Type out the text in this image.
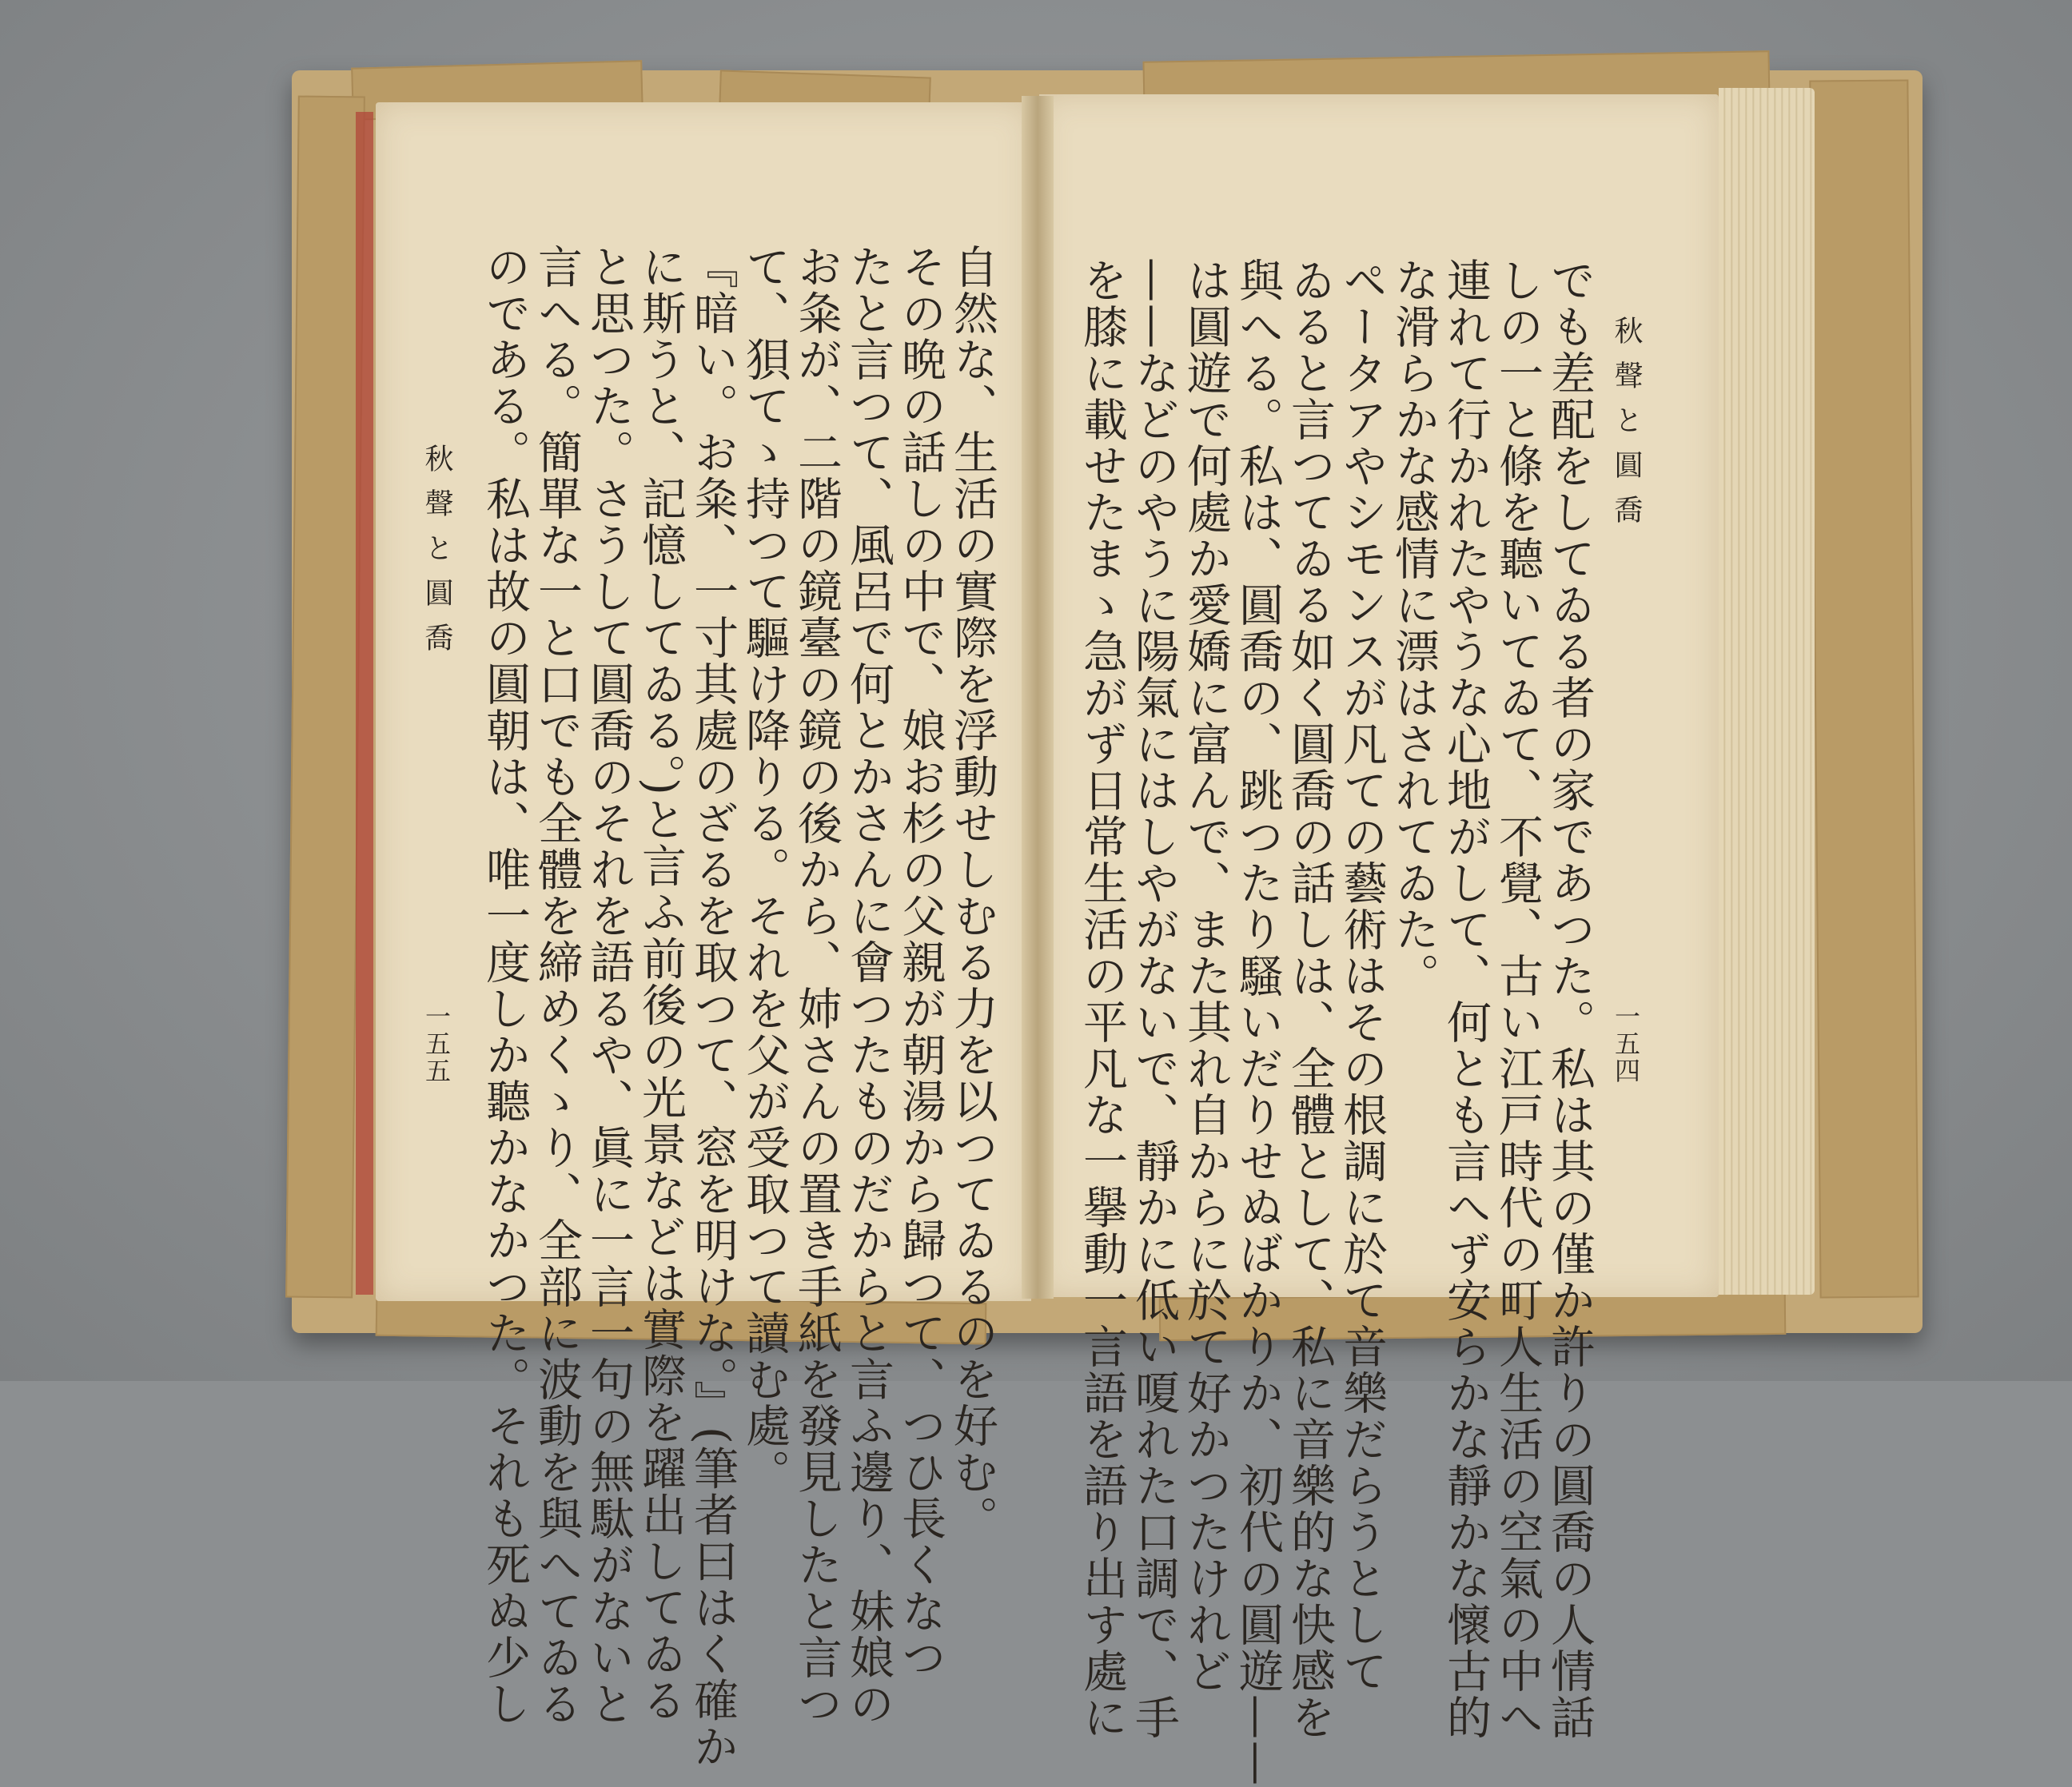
秋聲と圓喬
一五四
でも差配をしてゐる者の家であつた。私は其の僅か許りの圓喬の人情話
しの一と條を聽いてゐて、不覺、古い江戸時代の町人生活の空氣の中へ
連れて行かれたやうな心地がして、何とも言へず安らかな靜かな懷古的
な滑らかな感情に漂はされてゐた。
ペータアやシモンスが凡ての藝術はその根調に於て音樂だらうとして
ゐると言つてゐる如く圓喬の話しは、全體として、私に音樂的な快感を
與へる。私は、圓喬の、跳つたり騷いだりせぬばかりか、初代の圓遊——
は圓遊で何處か愛嬌に富んで、また其れ自からに於て好かつたけれど
——などのやうに陽氣にはしやがないで、靜かに低い嗄れた口調で、手
を膝に載せたまゝ急がず日常生活の平凡な一擧動一言語を語り出す處に
秋聲と圓喬
一五五	自然な、生活の實際を浮動せしむる力を以つてゐるのを好む。
その晩の話しの中で、娘お杉の父親が朝湯から歸つて、つひ長くなつ
たと言つて、風呂で何とかさんに會つたものだからと言ふ邊り、妹娘の
お粂が、二階の鏡臺の鏡の後から、姉さんの置き手紙を發見したと言つ
て、狽てゝ持つて驅け降りる。それを父が受取つて讀む處。
『暗い。お粂、一寸其處のざるを取つて、窓を明けな。』(筆者曰はく確か
に斯うと、記憶してゐる。)と言ふ前後の光景などは實際を躍出してゐる
と思つた。さうして圓喬のそれを語るや、眞に一言一句の無駄がないと
言へる。簡單な一と口でも全體を締めくゝり、全部に波動を與へてゐる
のである。私は故の圓朝は、唯一度しか聽かなかつた。それも死ぬ少し
